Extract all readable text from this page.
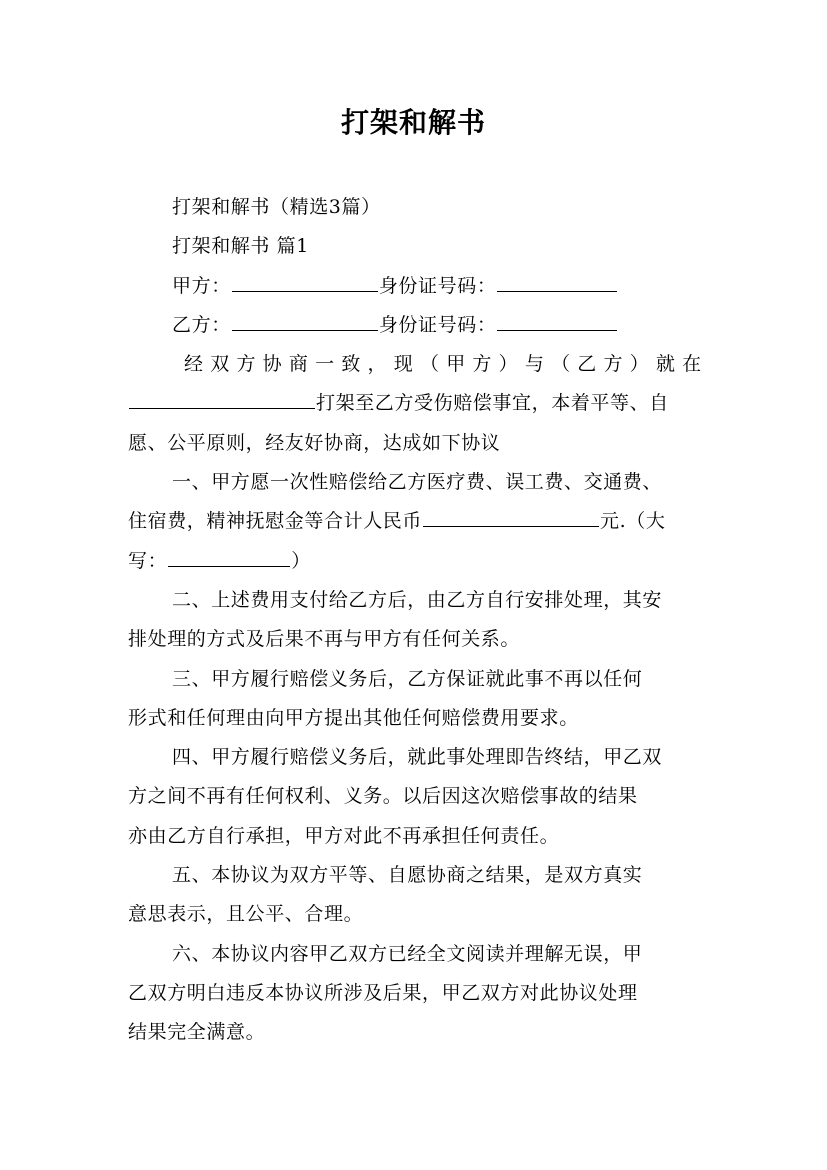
打架和解书

打架和解书（精选3篇）

打架和解书 篇1

甲方：	身份证号码：

乙方：	身份证号码：

经 双 方 协 商 一 致 ， 现 （ 甲 方 ） 与 （ 乙 方 ） 就 在

打架至乙方受伤赔偿事宜，本着平等、自

愿、公平原则，经友好协商，达成如下协议

一、甲方愿一次性赔偿给乙方医疗费、误工费、交通费、

住宿费，精神抚慰金等合计人民币	元.（大

写：	）

二、上述费用支付给乙方后，由乙方自行安排处理，其安

排处理的方式及后果不再与甲方有任何关系。

三、甲方履行赔偿义务后，乙方保证就此事不再以任何

形式和任何理由向甲方提出其他任何赔偿费用要求。

四、甲方履行赔偿义务后，就此事处理即告终结，甲乙双

方之间不再有任何权利、义务。以后因这次赔偿事故的结果

亦由乙方自行承担，甲方对此不再承担任何责任。

五、本协议为双方平等、自愿协商之结果，是双方真实

意思表示，且公平、合理。

六、本协议内容甲乙双方已经全文阅读并理解无误，甲

乙双方明白违反本协议所涉及后果，甲乙双方对此协议处理

结果完全满意。
